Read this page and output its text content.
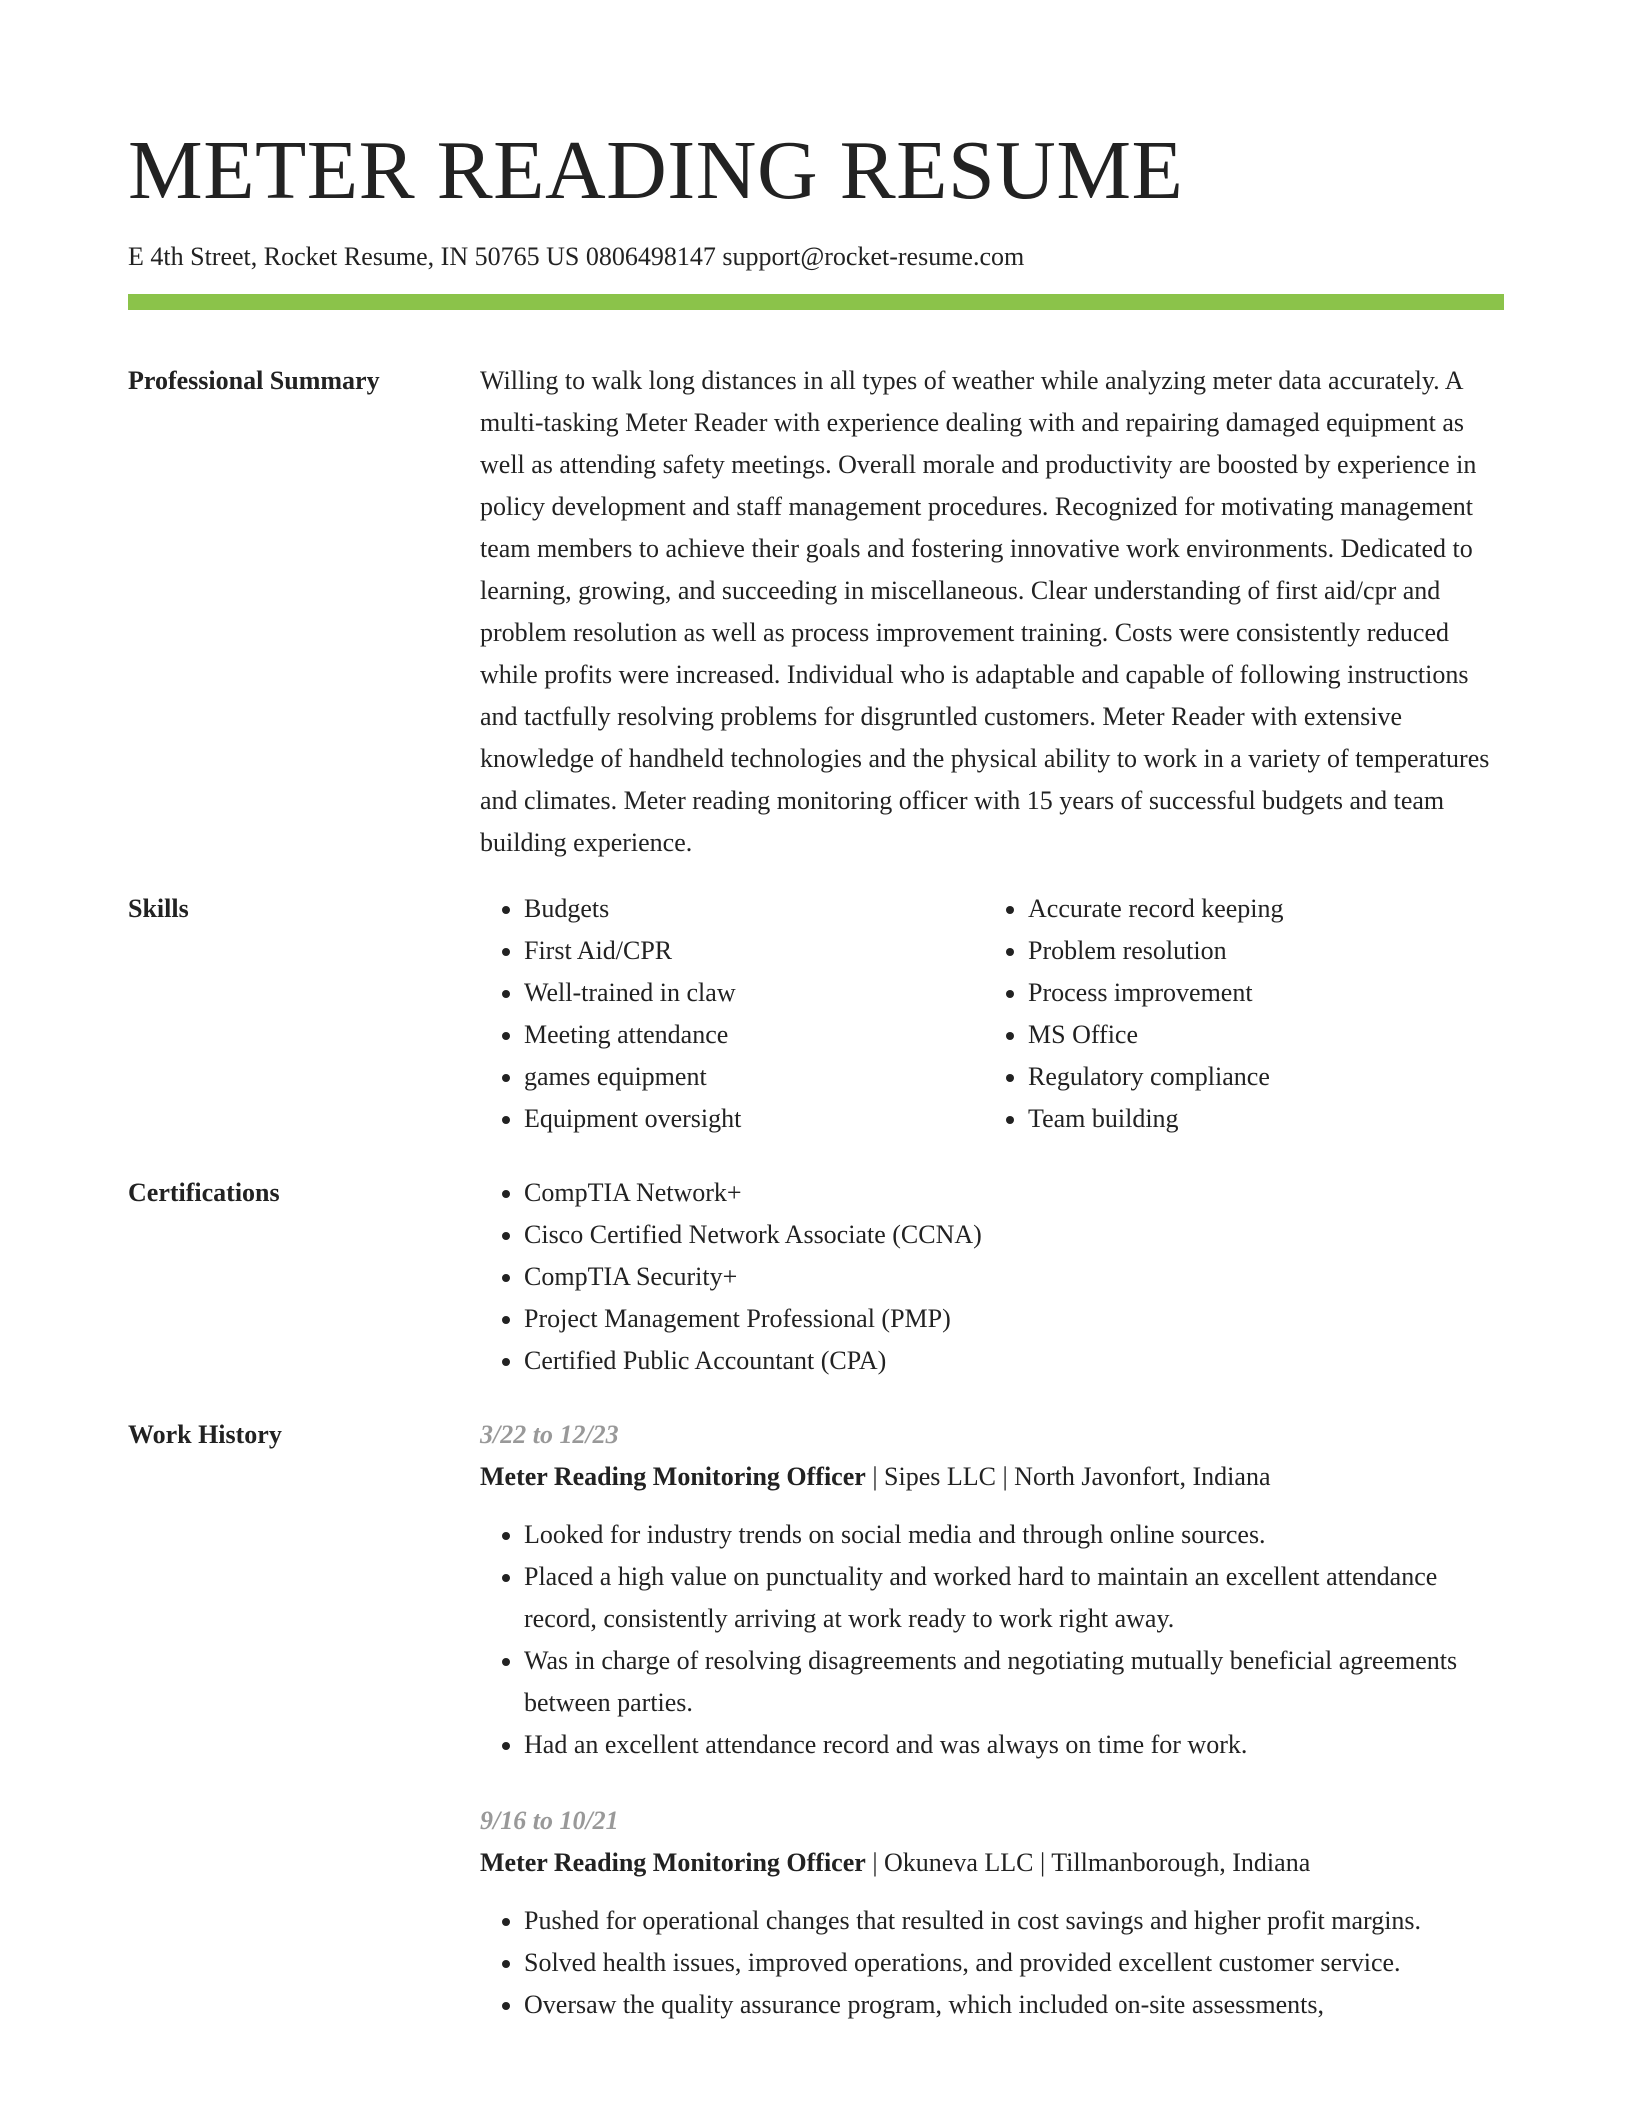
METER READING RESUME
E 4th Street, Rocket Resume, IN 50765 US 0806498147 support@rocket-resume.com
Professional Summary	Willing to walk long distances in all types of weather while analyzing meter data accurately. A multi-tasking Meter Reader with experience dealing with and repairing damaged equipment as well as attending safety meetings. Overall morale and productivity are boosted by experience in policy development and staff management procedures. Recognized for motivating management team members to achieve their goals and fostering innovative work environments. Dedicated to learning, growing, and succeeding in miscellaneous. Clear understanding of first aid/cpr and problem resolution as well as process improvement training. Costs were consistently reduced while profits were increased. Individual who is adaptable and capable of following instructions and tactfully resolving problems for disgruntled customers. Meter Reader with extensive knowledge of handheld technologies and the physical ability to work in a variety of temperatures and climates. Meter reading monitoring officer with 15 years of successful budgets and team building experience.

Skills	• Budgets
• First Aid/CPR
• Well-trained in claw
• Meeting attendance
• games equipment
• Equipment oversight
• Accurate record keeping
• Problem resolution
• Process improvement
• MS Office
• Regulatory compliance
• Team building
Certifications	• CompTIA Network+
• Cisco Certified Network Associate (CCNA)
• CompTIA Security+
• Project Management Professional (PMP)
• Certified Public Accountant (CPA)
Work History	3/22 to 12/23
Meter Reading Monitoring Officer | Sipes LLC | North Javonfort, Indiana
• Looked for industry trends on social media and through online sources.
• Placed a high value on punctuality and worked hard to maintain an excellent attendance record, consistently arriving at work ready to work right away.
• Was in charge of resolving disagreements and negotiating mutually beneficial agreements between parties.
• Had an excellent attendance record and was always on time for work.
9/16 to 10/21
Meter Reading Monitoring Officer | Okuneva LLC | Tillmanborough, Indiana
• Pushed for operational changes that resulted in cost savings and higher profit margins.
• Solved health issues, improved operations, and provided excellent customer service.
• Oversaw the quality assurance program, which included on-site assessments,
